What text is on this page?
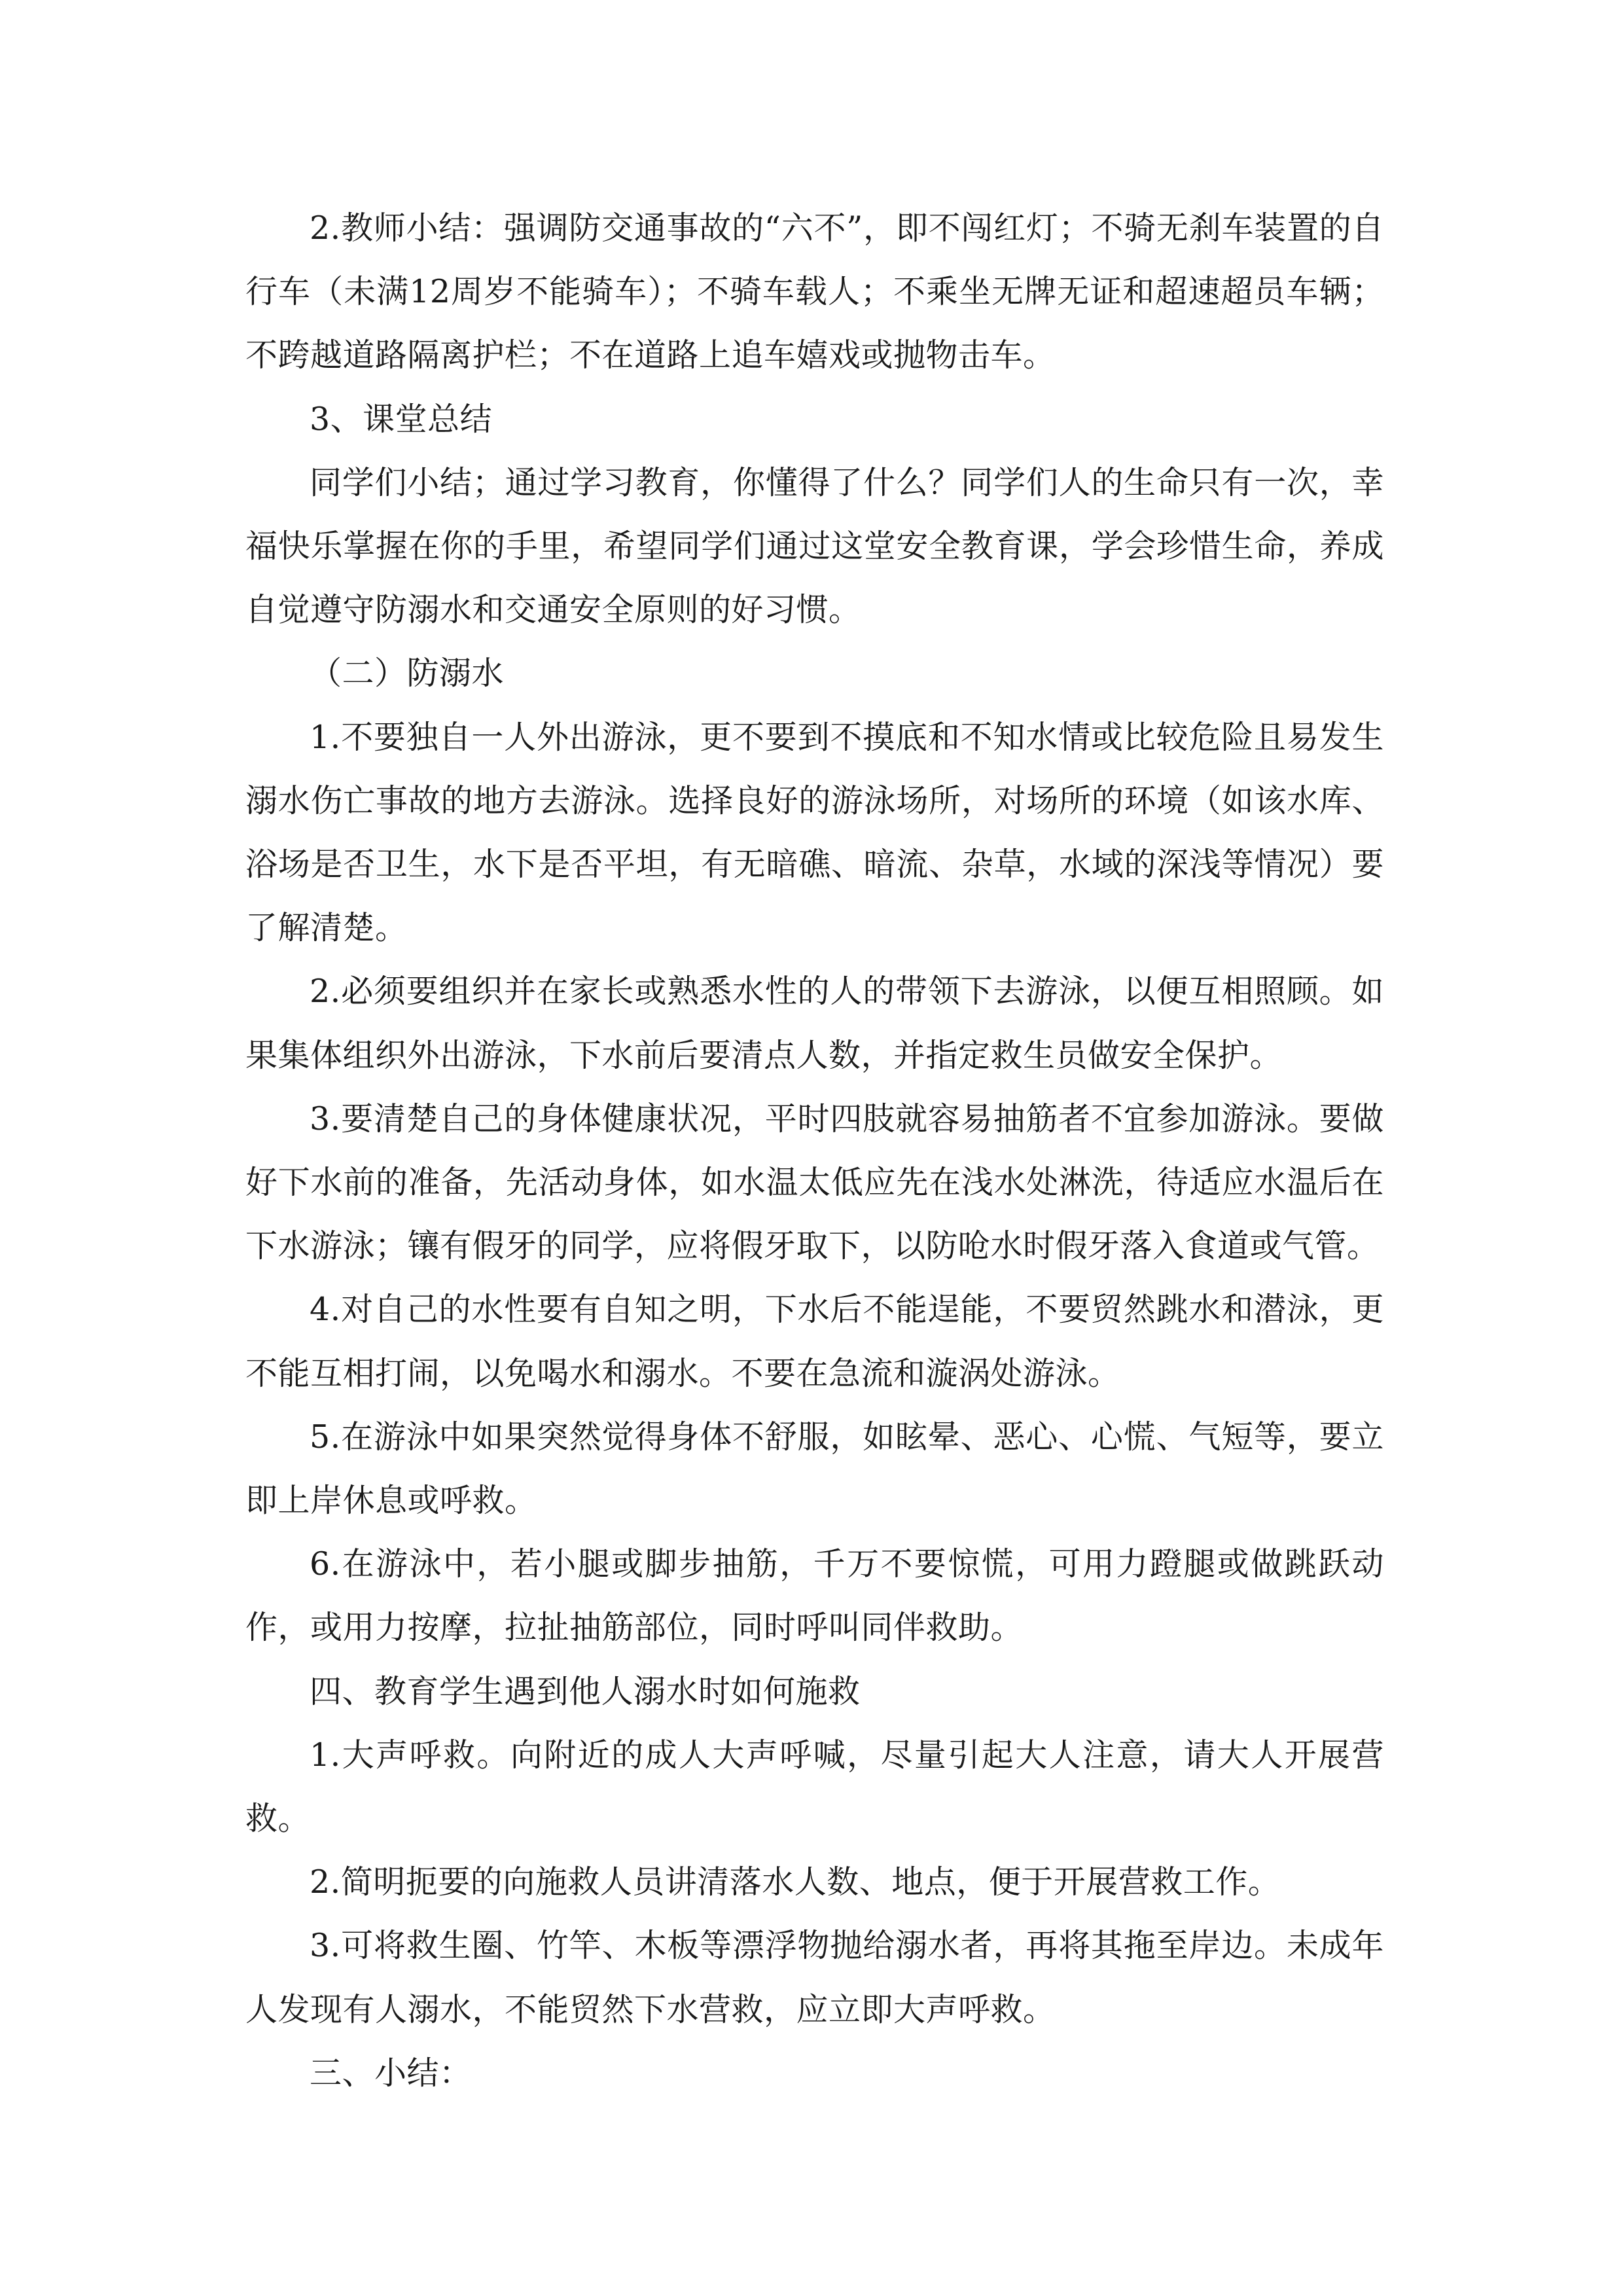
2.教师小结：强调防交通事故的“六不”，即不闯红灯；不骑无刹车装置的自行车（未满12周岁不能骑车）；不骑车载人；不乘坐无牌无证和超速超员车辆；不跨越道路隔离护栏；不在道路上追车嬉戏或抛物击车。

3、课堂总结

同学们小结；通过学习教育，你懂得了什么？同学们人的生命只有一次，幸福快乐掌握在你的手里，希望同学们通过这堂安全教育课，学会珍惜生命，养成自觉遵守防溺水和交通安全原则的好习惯。

（二）防溺水

1.不要独自一人外出游泳，更不要到不摸底和不知水情或比较危险且易发生溺水伤亡事故的地方去游泳。选择良好的游泳场所，对场所的环境（如该水库、浴场是否卫生，水下是否平坦，有无暗礁、暗流、杂草，水域的深浅等情况）要了解清楚。

2.必须要组织并在家长或熟悉水性的人的带领下去游泳，以便互相照顾。如果集体组织外出游泳，下水前后要清点人数，并指定救生员做安全保护。

3.要清楚自己的身体健康状况，平时四肢就容易抽筋者不宜参加游泳。要做好下水前的准备，先活动身体，如水温太低应先在浅水处淋洗，待适应水温后在下水游泳；镶有假牙的同学，应将假牙取下，以防呛水时假牙落入食道或气管。

4.对自己的水性要有自知之明，下水后不能逞能，不要贸然跳水和潜泳，更不能互相打闹，以免喝水和溺水。不要在急流和漩涡处游泳。

5.在游泳中如果突然觉得身体不舒服，如眩晕、恶心、心慌、气短等，要立即上岸休息或呼救。

6.在游泳中，若小腿或脚步抽筋，千万不要惊慌，可用力蹬腿或做跳跃动作，或用力按摩，拉扯抽筋部位，同时呼叫同伴救助。

四、教育学生遇到他人溺水时如何施救

1.大声呼救。向附近的成人大声呼喊，尽量引起大人注意，请大人开展营救。

2.简明扼要的向施救人员讲清落水人数、地点，便于开展营救工作。

3.可将救生圈、竹竿、木板等漂浮物抛给溺水者，再将其拖至岸边。未成年人发现有人溺水，不能贸然下水营救，应立即大声呼救。

三、小结：
